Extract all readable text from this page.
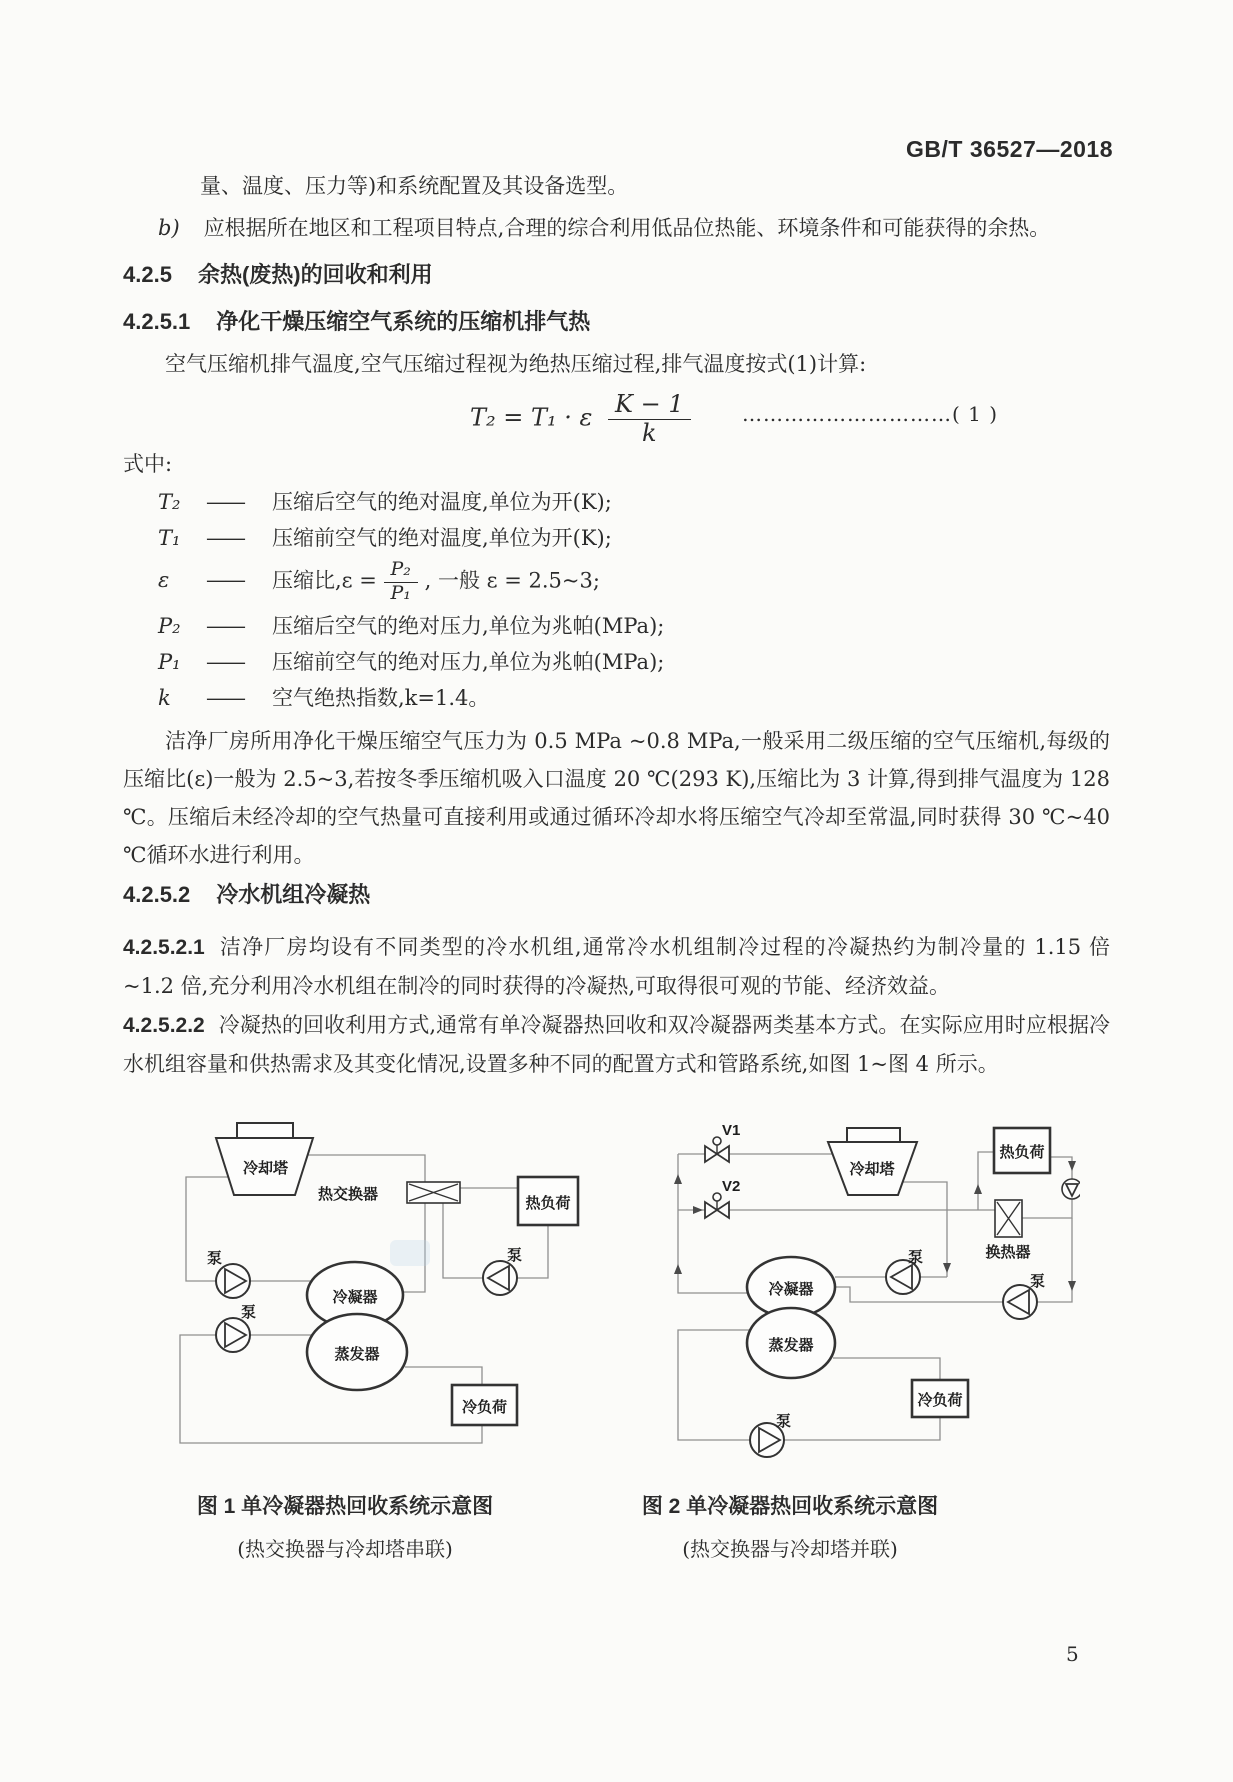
GB/T 36527—2018
量、温度、压力等)和系统配置及其设备选型。
b) 应根据所在地区和工程项目特点,合理的综合利用低品位热能、环境条件和可能获得的余热。
4.2.5 余热(废热)的回收和利用
4.2.5.1 净化干燥压缩空气系统的压缩机排气热
空气压缩机排气温度,空气压缩过程视为绝热压缩过程,排气温度按式(1)计算:
T₂ = T₁ · ε $\frac{K - 1}{k}$	…………………………( 1 )
式中:
T₂ —— 压缩后空气的绝对温度,单位为开(K);
T₁ —— 压缩前空气的绝对温度,单位为开(K);
ε —— 压缩比$,\varepsilon = \frac{\text{P₂}}{\text{P₁}}$ , 一般 ε = 2.5~3;
P₂ —— 压缩后空气的绝对压力,单位为兆帕(MPa);
P₁ —— 压缩前空气的绝对压力,单位为兆帕(MPa);
k —— 空气绝热指数,k=1.4。
洁净厂房所用净化干燥压缩空气压力为 0.5 MPa ~0.8 MPa,一般采用二级压缩的空气压缩机,每级的压缩比(ε)一般为 2.5~3,若按冬季压缩机吸入口温度 20 ℃(293 K),压缩比为 3 计算,得到排气温度为 128 ℃。压缩后未经冷却的空气热量可直接利用或通过循环冷却水将压缩空气冷却至常温,同时获得 30 ℃~40 ℃循环水进行利用。
4.2.5.2 冷水机组冷凝热
4.2.5.2.1 洁净厂房均设有不同类型的冷水机组,通常冷水机组制冷过程的冷凝热约为制冷量的 1.15 倍~1.2 倍,充分利用冷水机组在制冷的同时获得的冷凝热,可取得很可观的节能、经济效益。
4.2.5.2.2 冷凝热的回收利用方式,通常有单冷凝器热回收和双冷凝器两类基本方式。在实际应用时应根据冷水机组容量和供热需求及其变化情况,设置多种不同的配置方式和管路系统,如图 1~图 4 所示。
冷却塔
热交换器
热负荷
泵
泵
泵
冷凝器
蒸发器
冷负荷
V1
V2
冷却塔
热负荷
换热器
泵
泵
冷凝器
蒸发器
冷负荷
泵
图 1 单冷凝器热回收系统示意图
(热交换器与冷却塔串联)
图 2 单冷凝器热回收系统示意图
(热交换器与冷却塔并联)
5
